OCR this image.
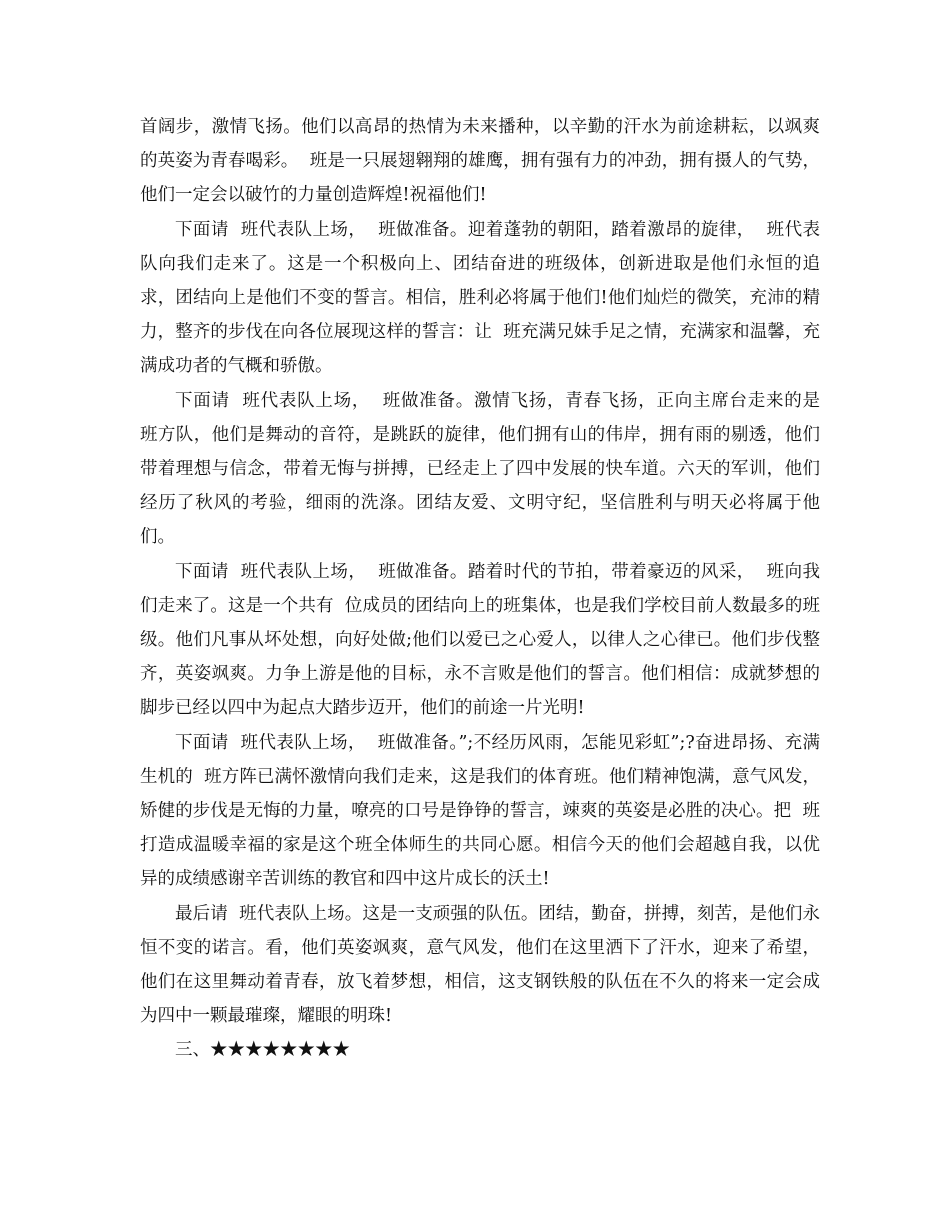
首阔步，激情飞扬。他们以高昂的热情为未来播种，以辛勤的汗水为前途耕耘，以飒爽的英姿为青春喝彩。  班是一只展翅翱翔的雄鹰，拥有强有力的冲劲，拥有摄人的气势，他们一定会以破竹的力量创造辉煌!祝福他们!

下面请  班代表队上场，  班做准备。迎着蓬勃的朝阳，踏着激昂的旋律，  班代表队向我们走来了。这是一个积极向上、团结奋进的班级体，创新进取是他们永恒的追求，团结向上是他们不变的誓言。相信，胜利必将属于他们!他们灿烂的微笑，充沛的精力，整齐的步伐在向各位展现这样的誓言：让  班充满兄妹手足之情，充满家和温馨，充满成功者的气概和骄傲。

下面请  班代表队上场，  班做准备。激情飞扬，青春飞扬，正向主席台走来的是  班方队，他们是舞动的音符，是跳跃的旋律，他们拥有山的伟岸，拥有雨的剔透，他们带着理想与信念，带着无悔与拼搏，已经走上了四中发展的快车道。六天的军训，他们经历了秋风的考验，细雨的洗涤。团结友爱、文明守纪，坚信胜利与明天必将属于他们。

下面请  班代表队上场，  班做准备。踏着时代的节拍，带着豪迈的风采，  班向我们走来了。这是一个共有  位成员的团结向上的班集体，也是我们学校目前人数最多的班级。他们凡事从坏处想，向好处做;他们以爱已之心爱人，以律人之心律已。他们步伐整齐，英姿飒爽。力争上游是他的目标，永不言败是他们的誓言。他们相信：成就梦想的脚步已经以四中为起点大踏步迈开，他们的前途一片光明!

下面请  班代表队上场，  班做准备。”;不经历风雨，怎能见彩虹”;?奋进昂扬、充满生机的  班方阵已满怀激情向我们走来，这是我们的体育班。他们精神饱满，意气风发，矫健的步伐是无悔的力量，嘹亮的口号是铮铮的誓言，竦爽的英姿是必胜的决心。把  班打造成温暖幸福的家是这个班全体师生的共同心愿。相信今天的他们会超越自我，以优异的成绩感谢辛苦训练的教官和四中这片成长的沃土!

最后请  班代表队上场。这是一支顽强的队伍。团结，勤奋，拼搏，刻苦，是他们永恒不变的诺言。看，他们英姿飒爽，意气风发，他们在这里洒下了汗水，迎来了希望，他们在这里舞动着青春，放飞着梦想，相信，这支钢铁般的队伍在不久的将来一定会成为四中一颗最璀璨，耀眼的明珠!

三、★★★★★★★★
